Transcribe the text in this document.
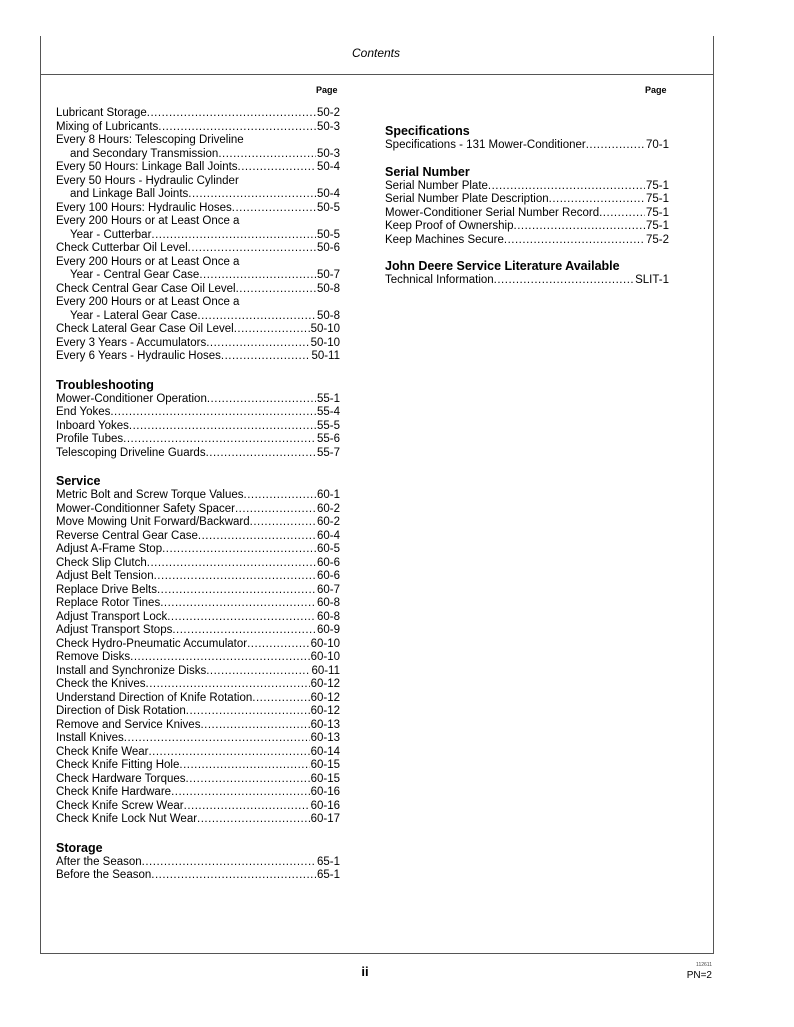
Contents
Page	Page
Lubricant Storage .....	50-2
Mixing of Lubricants .....	50-3
Every 8 Hours: Telescoping Driveline
and Secondary Transmission .....	50-3
Every 50 Hours: Linkage Ball Joints .....	50-4
Every 50 Hours - Hydraulic Cylinder
and Linkage Ball Joints .....	50-4
Every 100 Hours: Hydraulic Hoses .....	50-5
Every 200 Hours or at Least Once a
Year - Cutterbar .....	50-5
Check Cutterbar Oil Level .....	50-6
Every 200 Hours or at Least Once a
Year - Central Gear Case .....	50-7
Check Central Gear Case Oil Level .....	50-8
Every 200 Hours or at Least Once a
Year - Lateral Gear Case .....	50-8
Check Lateral Gear Case Oil Level .....	50-10
Every 3 Years - Accumulators .....	50-10
Every 6 Years - Hydraulic Hoses .....	50-11
Troubleshooting
Mower-Conditioner Operation .....	55-1
End Yokes .....	55-4
Inboard Yokes .....	55-5
Profile Tubes .....	55-6
Telescoping Driveline Guards .....	55-7
Service
Metric Bolt and Screw Torque Values .....	60-1
Mower-Conditionner Safety Spacer .....	60-2
Move Mowing Unit Forward/Backward .....	60-2
Reverse Central Gear Case .....	60-4
Adjust A-Frame Stop .....	60-5
Check Slip Clutch .....	60-6
Adjust Belt Tension .....	60-6
Replace Drive Belts .....	60-7
Replace Rotor Tines .....	60-8
Adjust Transport Lock .....	60-8
Adjust Transport Stops .....	60-9
Check Hydro-Pneumatic Accumulator .....	60-10
Remove Disks .....	60-10
Install and Synchronize Disks .....	60-11
Check the Knives .....	60-12
Understand Direction of Knife Rotation .....	60-12
Direction of Disk Rotation .....	60-12
Remove and Service Knives .....	60-13
Install Knives .....	60-13
Check Knife Wear .....	60-14
Check Knife Fitting Hole .....	60-15
Check Hardware Torques .....	60-15
Check Knife Hardware .....	60-16
Check Knife Screw Wear .....	60-16
Check Knife Lock Nut Wear .....	60-17
Storage
After the Season .....	65-1
Before the Season .....	65-1
Specifications
Specifications - 131 Mower-Conditioner .....	70-1
Serial Number
Serial Number Plate .....	75-1
Serial Number Plate Description .....	75-1
Mower-Conditioner Serial Number Record .....	75-1
Keep Proof of Ownership .....	75-1
Keep Machines Secure .....	75-2
John Deere Service Literature Available
Technical Information .....	SLIT-1
ii	112611
PN=2
